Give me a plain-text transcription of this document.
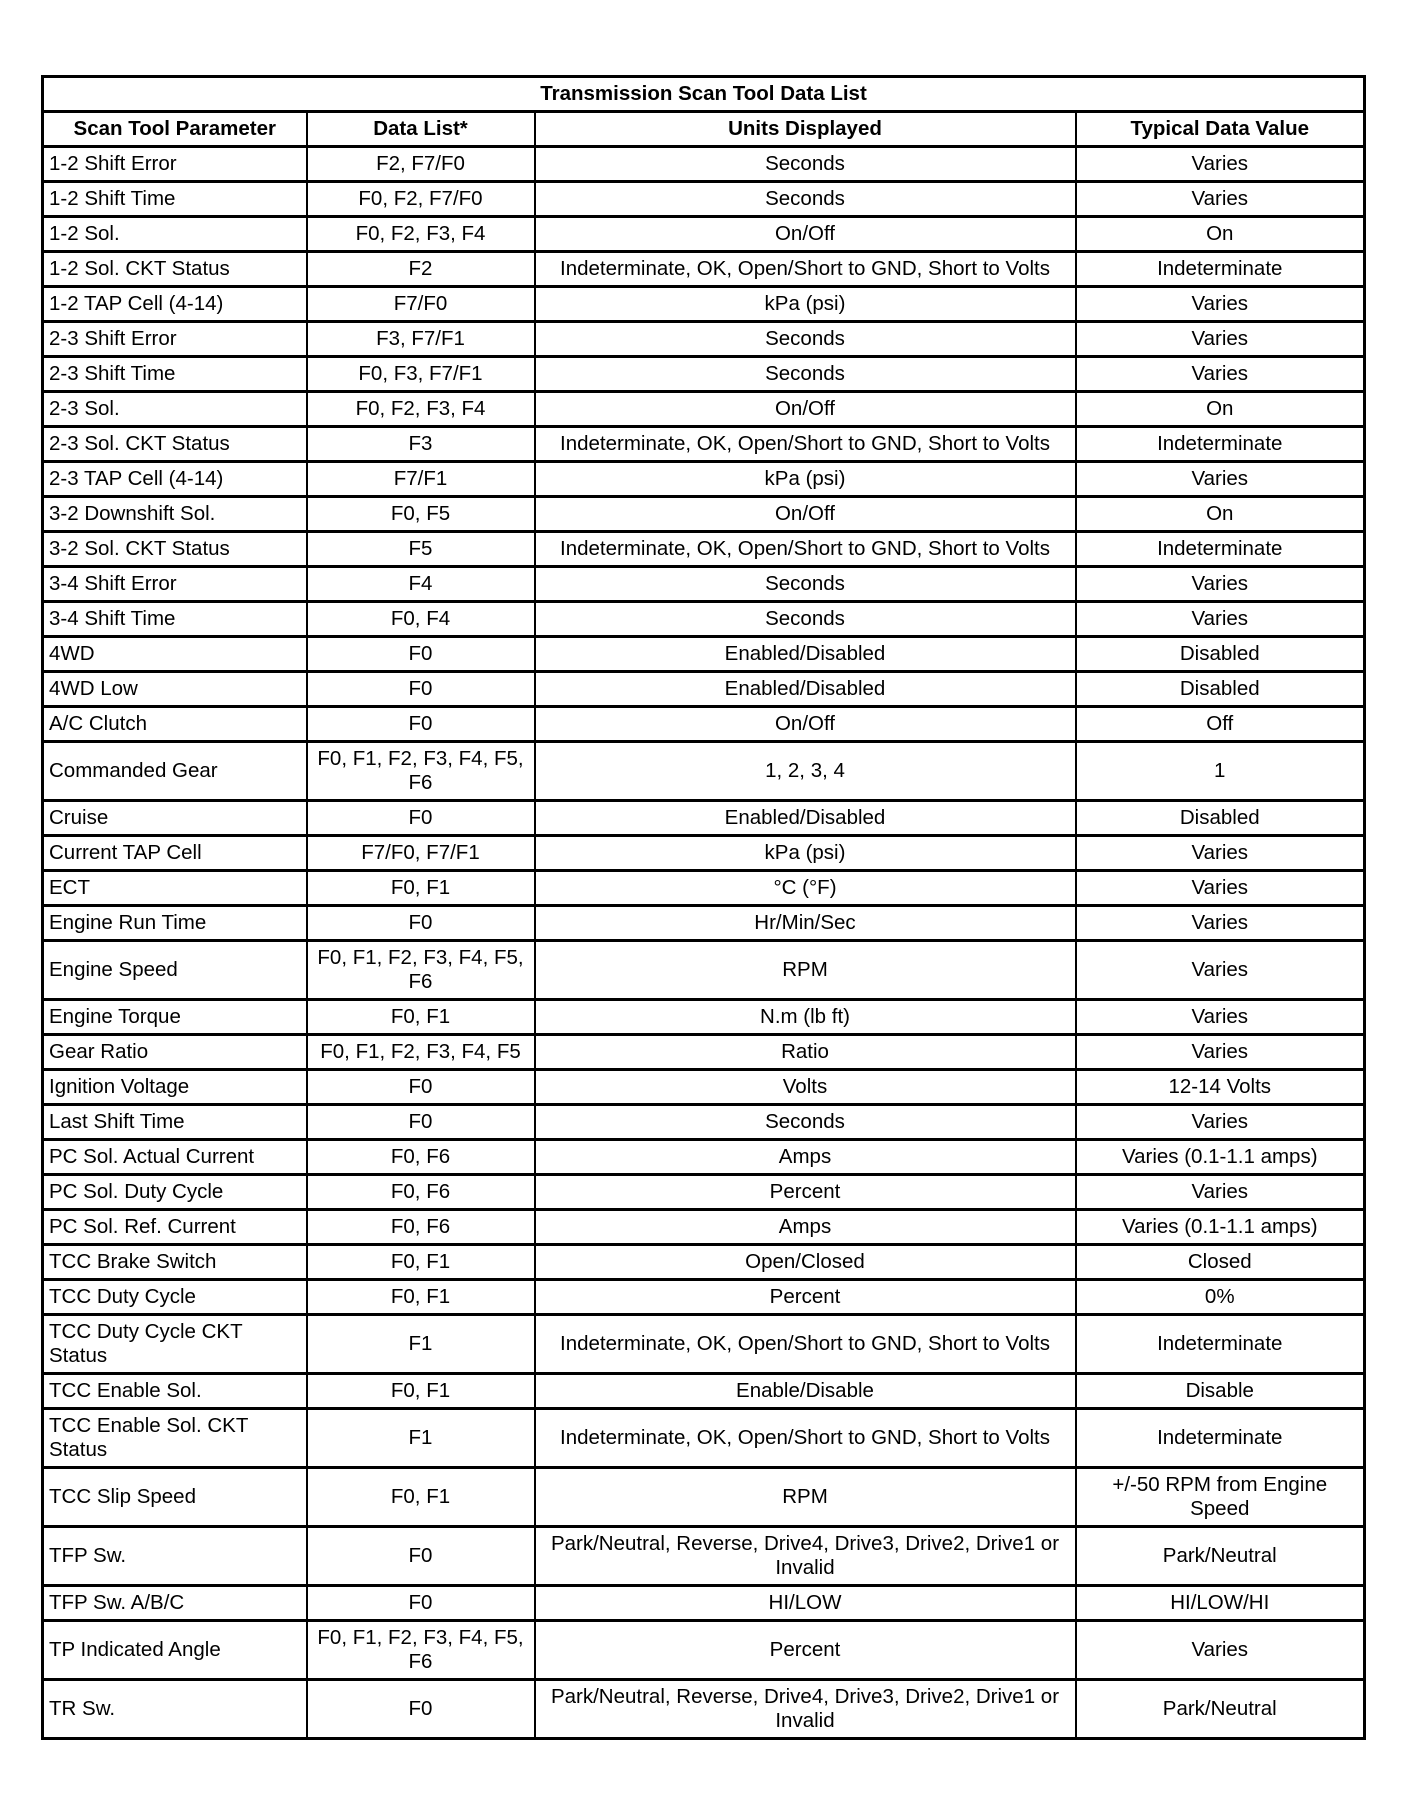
Transmission Scan Tool Data List			
Scan Tool Parameter	Data List*	Units Displayed	Typical Data Value
1-2 Shift Error	F2, F7/F0	Seconds	Varies
1-2 Shift Time	F0, F2, F7/F0	Seconds	Varies
1-2 Sol.	F0, F2, F3, F4	On/Off	On
1-2 Sol. CKT Status	F2	Indeterminate, OK, Open/Short to GND, Short to Volts	Indeterminate
1-2 TAP Cell (4-14)	F7/F0	kPa (psi)	Varies
2-3 Shift Error	F3, F7/F1	Seconds	Varies
2-3 Shift Time	F0, F3, F7/F1	Seconds	Varies
2-3 Sol.	F0, F2, F3, F4	On/Off	On
2-3 Sol. CKT Status	F3	Indeterminate, OK, Open/Short to GND, Short to Volts	Indeterminate
2-3 TAP Cell (4-14)	F7/F1	kPa (psi)	Varies
3-2 Downshift Sol.	F0, F5	On/Off	On
3-2 Sol. CKT Status	F5	Indeterminate, OK, Open/Short to GND, Short to Volts	Indeterminate
3-4 Shift Error	F4	Seconds	Varies
3-4 Shift Time	F0, F4	Seconds	Varies
4WD	F0	Enabled/Disabled	Disabled
4WD Low	F0	Enabled/Disabled	Disabled
A/C Clutch	F0	On/Off	Off
Commanded Gear	F0, F1, F2, F3, F4, F5, F6	1, 2, 3, 4	1
Cruise	F0	Enabled/Disabled	Disabled
Current TAP Cell	F7/F0, F7/F1	kPa (psi)	Varies
ECT	F0, F1	°C (°F)	Varies
Engine Run Time	F0	Hr/Min/Sec	Varies
Engine Speed	F0, F1, F2, F3, F4, F5, F6	RPM	Varies
Engine Torque	F0, F1	N.m (lb ft)	Varies
Gear Ratio	F0, F1, F2, F3, F4, F5	Ratio	Varies
Ignition Voltage	F0	Volts	12-14 Volts
Last Shift Time	F0	Seconds	Varies
PC Sol. Actual Current	F0, F6	Amps	Varies (0.1-1.1 amps)
PC Sol. Duty Cycle	F0, F6	Percent	Varies
PC Sol. Ref. Current	F0, F6	Amps	Varies (0.1-1.1 amps)
TCC Brake Switch	F0, F1	Open/Closed	Closed
TCC Duty Cycle	F0, F1	Percent	0%
TCC Duty Cycle CKT Status	F1	Indeterminate, OK, Open/Short to GND, Short to Volts	Indeterminate
TCC Enable Sol.	F0, F1	Enable/Disable	Disable
TCC Enable Sol. CKT Status	F1	Indeterminate, OK, Open/Short to GND, Short to Volts	Indeterminate
TCC Slip Speed	F0, F1	RPM	+/-50 RPM from Engine Speed
TFP Sw.	F0	Park/Neutral, Reverse, Drive4, Drive3, Drive2, Drive1 or Invalid	Park/Neutral
TFP Sw. A/B/C	F0	HI/LOW	HI/LOW/HI
TP Indicated Angle	F0, F1, F2, F3, F4, F5, F6	Percent	Varies
TR Sw.	F0	Park/Neutral, Reverse, Drive4, Drive3, Drive2, Drive1 or Invalid	Park/Neutral
